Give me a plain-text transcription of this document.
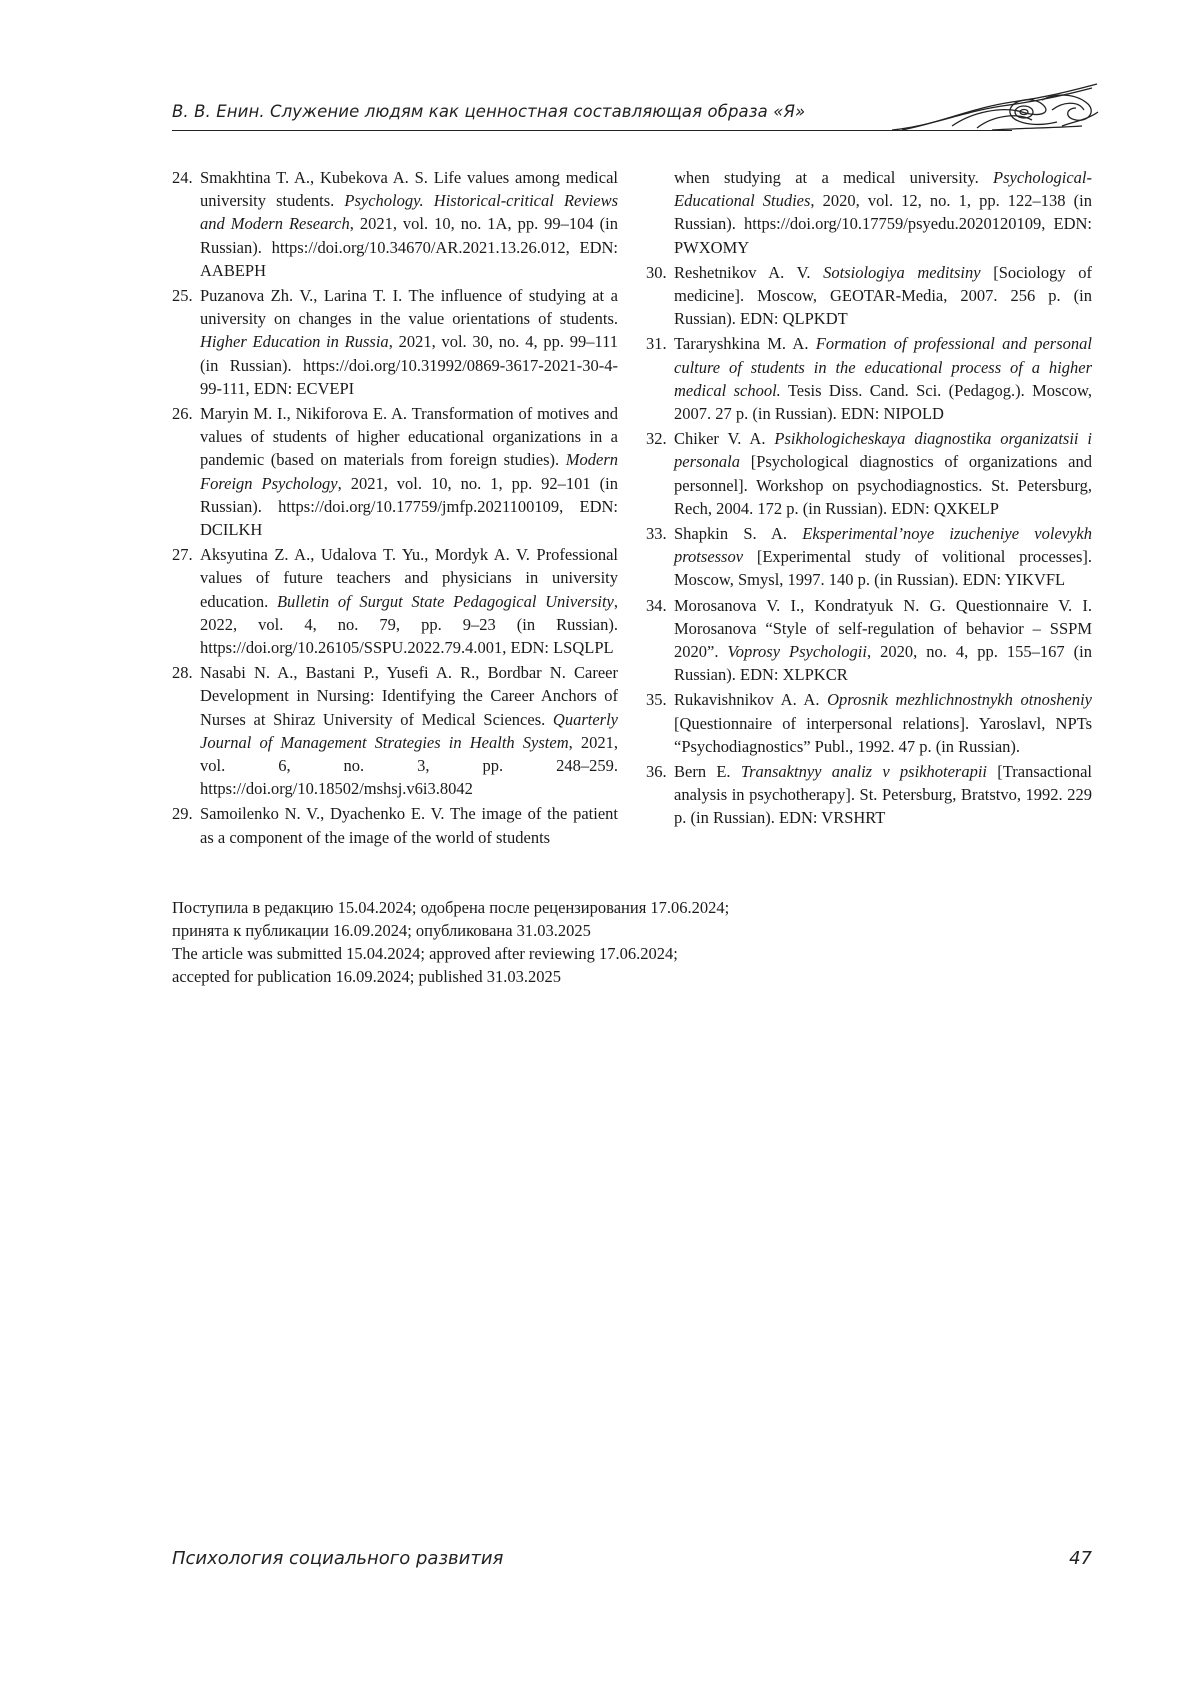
В. В. Енин. Служение людям как ценностная составляющая образа «Я»
24. Smakhtina T. A., Kubekova A. S. Life values among medical university students. Psychology. Historical-critical Reviews and Modern Research, 2021, vol. 10, no. 1A, pp. 99–104 (in Russian). https://doi.org/10.34670/AR.2021.13.26.012, EDN: AABEPH
25. Puzanova Zh. V., Larina T. I. The influence of studying at a university on changes in the value orientations of students. Higher Education in Russia, 2021, vol. 30, no. 4, pp. 99–111 (in Russian). https://doi.org/10.31992/0869-3617-2021-30-4-99-111, EDN: ECVEPI
26. Maryin M. I., Nikiforova E. A. Transformation of motives and values of students of higher educational organizations in a pandemic (based on materials from foreign studies). Modern Foreign Psychology, 2021, vol. 10, no. 1, pp. 92–101 (in Russian). https://doi.org/10.17759/jmfp.2021100109, EDN: DCILKH
27. Aksyutina Z. A., Udalova T. Yu., Mordyk A. V. Professional values of future teachers and physicians in university education. Bulletin of Surgut State Pedagogical University, 2022, vol. 4, no. 79, pp. 9–23 (in Russian). https://doi.org/10.26105/SSPU.2022.79.4.001, EDN: LSQLPL
28. Nasabi N. A., Bastani P., Yusefi A. R., Bordbar N. Career Development in Nursing: Identifying the Career Anchors of Nurses at Shiraz University of Medical Sciences. Quarterly Journal of Management Strategies in Health System, 2021, vol. 6, no. 3, pp. 248–259. https://doi.org/10.18502/mshsj.v6i3.8042
29. Samoilenko N. V., Dyachenko E. V. The image of the patient as a component of the image of the world of students
when studying at a medical university. Psychological-Educational Studies, 2020, vol. 12, no. 1, pp. 122–138 (in Russian). https://doi.org/10.17759/psyedu.2020120109, EDN: PWXOMY
30. Reshetnikov A. V. Sotsiologiya meditsiny [Sociology of medicine]. Moscow, GEOTAR-Media, 2007. 256 p. (in Russian). EDN: QLPKDT
31. Tararyshkina M. A. Formation of professional and personal culture of students in the educational process of a higher medical school. Tesis Diss. Cand. Sci. (Pedagog.). Moscow, 2007. 27 p. (in Russian). EDN: NIPOLD
32. Chiker V. A. Psikhologicheskaya diagnostika organizatsii i personala [Psychological diagnostics of organizations and personnel]. Workshop on psychodiagnostics. St. Petersburg, Rech, 2004. 172 p. (in Russian). EDN: QXKELP
33. Shapkin S. A. Eksperimental’noye izucheniye volevykh protsessov [Experimental study of volitional processes]. Moscow, Smysl, 1997. 140 p. (in Russian). EDN: YIKVFL
34. Morosanova V. I., Kondratyuk N. G. Questionnaire V. I. Morosanova “Style of self-regulation of behavior – SSPM 2020”. Voprosy Psychologii, 2020, no. 4, pp. 155–167 (in Russian). EDN: XLPKCR
35. Rukavishnikov A. A. Oprosnik mezhlichnostnykh otnosheniy [Questionnaire of interpersonal relations]. Yaroslavl, NPTs “Psychodiagnostics” Publ., 1992. 47 p. (in Russian).
36. Bern E. Transaktnyy analiz v psikhoterapii [Transactional analysis in psychotherapy]. St. Petersburg, Bratstvo, 1992. 229 p. (in Russian). EDN: VRSHRT
Поступила в редакцию 15.04.2024; одобрена после рецензирования 17.06.2024;
принята к публикации 16.09.2024; опубликована 31.03.2025
The article was submitted 15.04.2024; approved after reviewing 17.06.2024;
accepted for publication 16.09.2024; published 31.03.2025
Психология социального развития	47
